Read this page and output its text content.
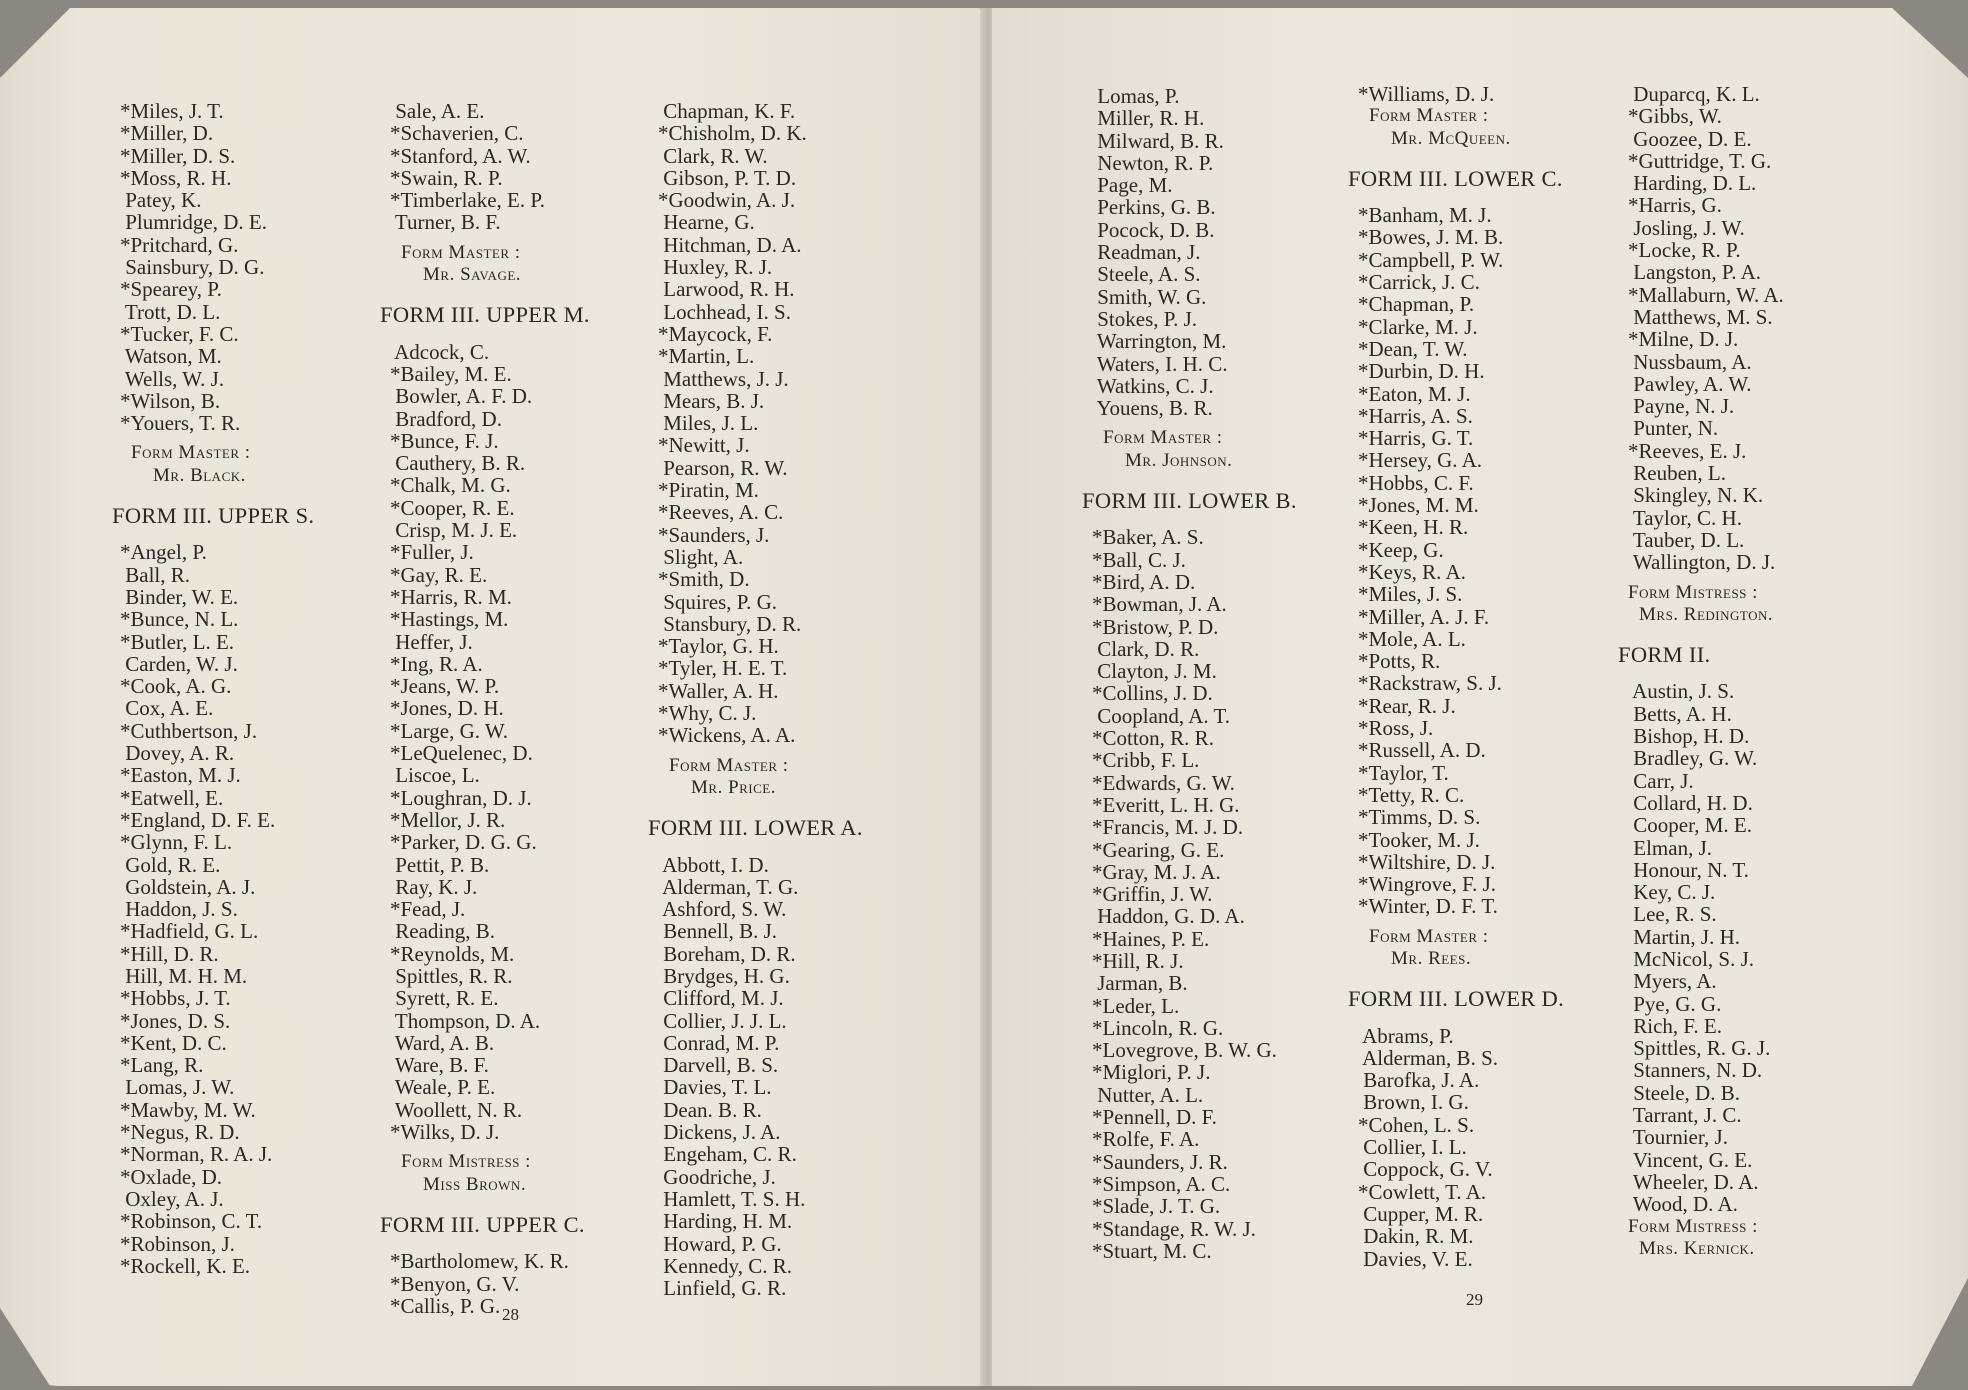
*Miles, J. T.
*Miller, D.
*Miller, D. S.
*Moss, R. H.
Patey, K.
Plumridge, D. E.
*Pritchard, G.
Sainsbury, D. G.
*Spearey, P.
Trott, D. L.
*Tucker, F. C.
Watson, M.
Wells, W. J.
*Wilson, B.
*Youers, T. R.
Form Master :
Mr. Black.
FORM III. UPPER S.
*Angel, P.
Ball, R.
Binder, W. E.
*Bunce, N. L.
*Butler, L. E.
Carden, W. J.
*Cook, A. G.
Cox, A. E.
*Cuthbertson, J.
Dovey, A. R.
*Easton, M. J.
*Eatwell, E.
*England, D. F. E.
*Glynn, F. L.
Gold, R. E.
Goldstein, A. J.
Haddon, J. S.
*Hadfield, G. L.
*Hill, D. R.
Hill, M. H. M.
*Hobbs, J. T.
*Jones, D. S.
*Kent, D. C.
*Lang, R.
Lomas, J. W.
*Mawby, M. W.
*Negus, R. D.
*Norman, R. A. J.
*Oxlade, D.
Oxley, A. J.
*Robinson, C. T.
*Robinson, J.
*Rockell, K. E.
Sale, A. E.
*Schaverien, C.
*Stanford, A. W.
*Swain, R. P.
*Timberlake, E. P.
Turner, B. F.
Form Master :
Mr. Savage.
FORM III. UPPER M.
Adcock, C.
*Bailey, M. E.
Bowler, A. F. D.
Bradford, D.
*Bunce, F. J.
Cauthery, B. R.
*Chalk, M. G.
*Cooper, R. E.
Crisp, M. J. E.
*Fuller, J.
*Gay, R. E.
*Harris, R. M.
*Hastings, M.
Heffer, J.
*Ing, R. A.
*Jeans, W. P.
*Jones, D. H.
*Large, G. W.
*LeQuelenec, D.
Liscoe, L.
*Loughran, D. J.
*Mellor, J. R.
*Parker, D. G. G.
Pettit, P. B.
Ray, K. J.
*Fead, J.
Reading, B.
*Reynolds, M.
Spittles, R. R.
Syrett, R. E.
Thompson, D. A.
Ward, A. B.
Ware, B. F.
Weale, P. E.
Woollett, N. R.
*Wilks, D. J.
Form Mistress :
Miss Brown.
FORM III. UPPER C.
*Bartholomew, K. R.
*Benyon, G. V.
*Callis, P. G.
Chapman, K. F.
*Chisholm, D. K.
Clark, R. W.
Gibson, P. T. D.
*Goodwin, A. J.
Hearne, G.
Hitchman, D. A.
Huxley, R. J.
Larwood, R. H.
Lochhead, I. S.
*Maycock, F.
*Martin, L.
Matthews, J. J.
Mears, B. J.
Miles, J. L.
*Newitt, J.
Pearson, R. W.
*Piratin, M.
*Reeves, A. C.
*Saunders, J.
Slight, A.
*Smith, D.
Squires, P. G.
Stansbury, D. R.
*Taylor, G. H.
*Tyler, H. E. T.
*Waller, A. H.
*Why, C. J.
*Wickens, A. A.
Form Master :
Mr. Price.
FORM III. LOWER A.
Abbott, I. D.
Alderman, T. G.
Ashford, S. W.
Bennell, B. J.
Boreham, D. R.
Brydges, H. G.
Clifford, M. J.
Collier, J. J. L.
Conrad, M. P.
Darvell, B. S.
Davies, T. L.
Dean. B. R.
Dickens, J. A.
Engeham, C. R.
Goodriche, J.
Hamlett, T. S. H.
Harding, H. M.
Howard, P. G.
Kennedy, C. R.
Linfield, G. R.
28
Lomas, P.
Miller, R. H.
Milward, B. R.
Newton, R. P.
Page, M.
Perkins, G. B.
Pocock, D. B.
Readman, J.
Steele, A. S.
Smith, W. G.
Stokes, P. J.
Warrington, M.
Waters, I. H. C.
Watkins, C. J.
Youens, B. R.
Form Master :
Mr. Johnson.
FORM III. LOWER B.
*Baker, A. S.
*Ball, C. J.
*Bird, A. D.
*Bowman, J. A.
*Bristow, P. D.
Clark, D. R.
Clayton, J. M.
*Collins, J. D.
Coopland, A. T.
*Cotton, R. R.
*Cribb, F. L.
*Edwards, G. W.
*Everitt, L. H. G.
*Francis, M. J. D.
*Gearing, G. E.
*Gray, M. J. A.
*Griffin, J. W.
Haddon, G. D. A.
*Haines, P. E.
*Hill, R. J.
Jarman, B.
*Leder, L.
*Lincoln, R. G.
*Lovegrove, B. W. G.
*Miglori, P. J.
Nutter, A. L.
*Pennell, D. F.
*Rolfe, F. A.
*Saunders, J. R.
*Simpson, A. C.
*Slade, J. T. G.
*Standage, R. W. J.
*Stuart, M. C.
*Williams, D. J.
Form Master :
Mr. McQueen.
FORM III. LOWER C.
*Banham, M. J.
*Bowes, J. M. B.
*Campbell, P. W.
*Carrick, J. C.
*Chapman, P.
*Clarke, M. J.
*Dean, T. W.
*Durbin, D. H.
*Eaton, M. J.
*Harris, A. S.
*Harris, G. T.
*Hersey, G. A.
*Hobbs, C. F.
*Jones, M. M.
*Keen, H. R.
*Keep, G.
*Keys, R. A.
*Miles, J. S.
*Miller, A. J. F.
*Mole, A. L.
*Potts, R.
*Rackstraw, S. J.
*Rear, R. J.
*Ross, J.
*Russell, A. D.
*Taylor, T.
*Tetty, R. C.
*Timms, D. S.
*Tooker, M. J.
*Wiltshire, D. J.
*Wingrove, F. J.
*Winter, D. F. T.
Form Master :
Mr. Rees.
FORM III. LOWER D.
Abrams, P.
Alderman, B. S.
Barofka, J. A.
Brown, I. G.
*Cohen, L. S.
Collier, I. L.
Coppock, G. V.
*Cowlett, T. A.
Cupper, M. R.
Dakin, R. M.
Davies, V. E.
Duparcq, K. L.
*Gibbs, W.
Goozee, D. E.
*Guttridge, T. G.
Harding, D. L.
*Harris, G.
Josling, J. W.
*Locke, R. P.
Langston, P. A.
*Mallaburn, W. A.
Matthews, M. S.
*Milne, D. J.
Nussbaum, A.
Pawley, A. W.
Payne, N. J.
Punter, N.
*Reeves, E. J.
Reuben, L.
Skingley, N. K.
Taylor, C. H.
Tauber, D. L.
Wallington, D. J.
Form Mistress :
Mrs. Redington.
FORM II.
Austin, J. S.
Betts, A. H.
Bishop, H. D.
Bradley, G. W.
Carr, J.
Collard, H. D.
Cooper, M. E.
Elman, J.
Honour, N. T.
Key, C. J.
Lee, R. S.
Martin, J. H.
McNicol, S. J.
Myers, A.
Pye, G. G.
Rich, F. E.
Spittles, R. G. J.
Stanners, N. D.
Steele, D. B.
Tarrant, J. C.
Tournier, J.
Vincent, G. E.
Wheeler, D. A.
Wood, D. A.
Form Mistress :
Mrs. Kernick.
29
